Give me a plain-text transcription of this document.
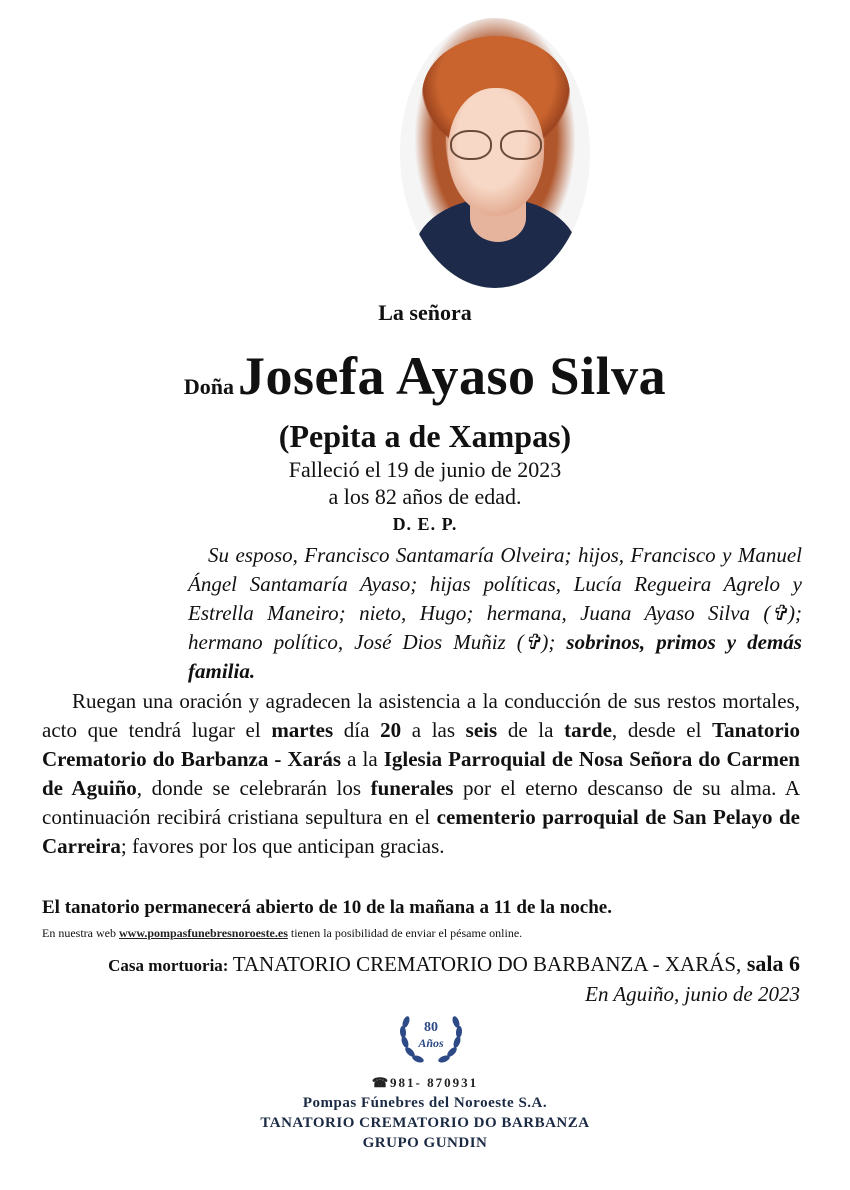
La señora
DoñaJosefa Ayaso Silva
(Pepita a de Xampas)
Falleció el 19 de junio de 2023
a los 82 años de edad.
D. E. P.

Su esposo, Francisco Santamaría Olveira; hijos, Francisco y Manuel Ángel Santamaría Ayaso; hijas políticas, Lucía Regueira Agrelo y Estrella Maneiro; nieto, Hugo; hermana, Juana Ayaso Silva (✞); hermano político, José Dios Muñiz (✞); sobrinos, primos y demás familia.

Ruegan una oración y agradecen la asistencia a la conducción de sus restos mortales, acto que tendrá lugar el martes día 20 a las seis de la tarde, desde el Tanatorio Crematorio do Barbanza - Xarás a la Iglesia Parroquial de Nosa Señora do Carmen de Aguiño, donde se celebrarán los funerales por el eterno descanso de su alma. A continuación recibirá cristiana sepultura en el cementerio parroquial de San Pelayo de Carreira; favores por los que anticipan gracias.

El tanatorio permanecerá abierto de 10 de la mañana a 11 de la noche.
En nuestra web www.pompasfunebresnoroeste.es tienen la posibilidad de enviar el pésame online.
Casa mortuoria: TANATORIO CREMATORIO DO BARBANZA - XARÁS, sala 6
En Aguiño, junio de 2023
80
Años
☎981- 870931
Pompas Fúnebres del Noroeste S.A.
TANATORIO CREMATORIO DO BARBANZA
GRUPO GUNDIN
